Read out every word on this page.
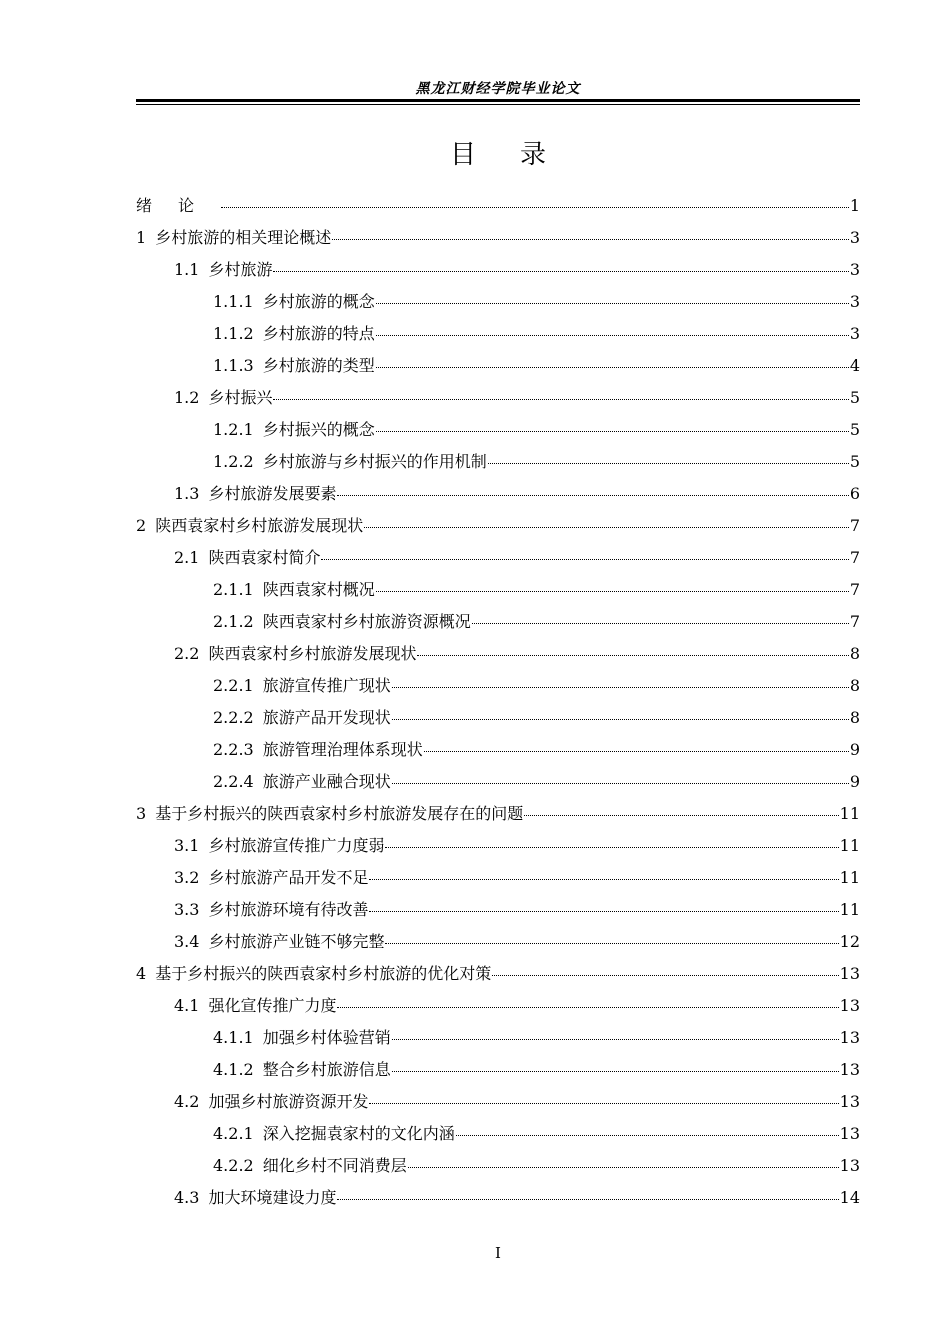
黑龙江财经学院毕业论文
目录
绪论	1
1 乡村旅游的相关理论概述	3
1.1 乡村旅游	3
1.1.1 乡村旅游的概念	3
1.1.2 乡村旅游的特点	3
1.1.3 乡村旅游的类型	4
1.2 乡村振兴	5
1.2.1 乡村振兴的概念	5
1.2.2 乡村旅游与乡村振兴的作用机制	5
1.3 乡村旅游发展要素	6
2 陕西袁家村乡村旅游发展现状	7
2.1 陕西袁家村简介	7
2.1.1 陕西袁家村概况	7
2.1.2 陕西袁家村乡村旅游资源概况	7
2.2 陕西袁家村乡村旅游发展现状	8
2.2.1 旅游宣传推广现状	8
2.2.2 旅游产品开发现状	8
2.2.3 旅游管理治理体系现状	9
2.2.4 旅游产业融合现状	9
3 基于乡村振兴的陕西袁家村乡村旅游发展存在的问题	11
3.1 乡村旅游宣传推广力度弱	11
3.2 乡村旅游产品开发不足	11
3.3 乡村旅游环境有待改善	11
3.4 乡村旅游产业链不够完整	12
4 基于乡村振兴的陕西袁家村乡村旅游的优化对策	13
4.1 强化宣传推广力度	13
4.1.1 加强乡村体验营销	13
4.1.2 整合乡村旅游信息	13
4.2 加强乡村旅游资源开发	13
4.2.1 深入挖掘袁家村的文化内涵	13
4.2.2 细化乡村不同消费层	13
4.3 加大环境建设力度	14
I
